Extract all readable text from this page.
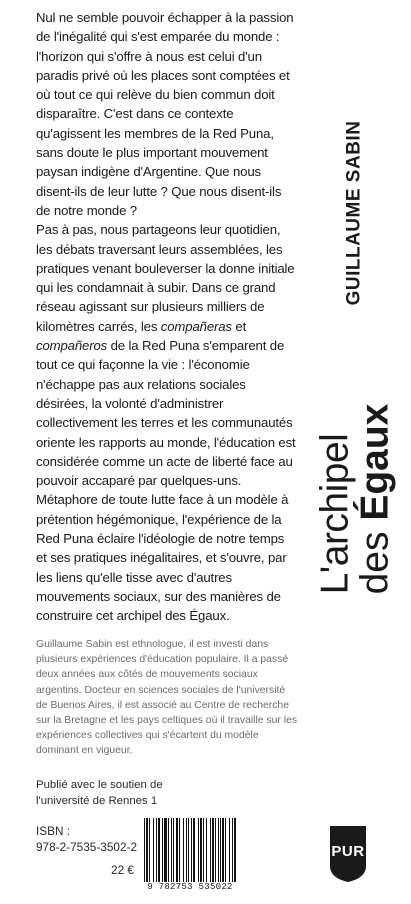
Nul ne semble pouvoir échapper à la passion de l'inégalité qui s'est emparée du monde : l'horizon qui s'offre à nous est celui d'un paradis privé où les places sont comptées et où tout ce qui relève du bien commun doit disparaître. C'est dans ce contexte qu'agissent les membres de la Red Puna, sans doute le plus important mouvement paysan indigène d'Argentine. Que nous disent-ils de leur lutte ? Que nous disent-ils de notre monde ?

Pas à pas, nous partageons leur quotidien, les débats traversant leurs assemblées, les pratiques venant bouleverser la donne initiale qui les condamnait à subir. Dans ce grand réseau agissant sur plusieurs milliers de kilomètres carrés, les compañeras et compañeros de la Red Puna s'emparent de tout ce qui façonne la vie : l'économie n'échappe pas aux relations sociales désirées, la volonté d'administrer collectivement les terres et les communautés oriente les rapports au monde, l'éducation est considérée comme un acte de liberté face au pouvoir accaparé par quelques-uns.

Métaphore de toute lutte face à un modèle à prétention hégémonique, l'expérience de la Red Puna éclaire l'idéologie de notre temps et ses pratiques inégalitaires, et s'ouvre, par les liens qu'elle tisse avec d'autres mouvements sociaux, sur des manières de construire cet archipel des Égaux.

Guillaume Sabin est ethnologue, il est investi dans plusieurs expériences d'éducation populaire. Il a passé deux années aux côtés de mouvements sociaux argentins. Docteur en sciences sociales de l'université de Buenos Aires, il est associé au Centre de recherche sur la Bretagne et les pays celtiques où il travaille sur les expériences collectives qui s'écartent du modèle dominant en vigueur.

Publié avec le soutien de
l'université de Rennes 1
ISBN :
978-2-7535-3502-2
22 €
9 782753 535022
GUILLAUME SABIN
L'archipel
des Égaux
PUR
